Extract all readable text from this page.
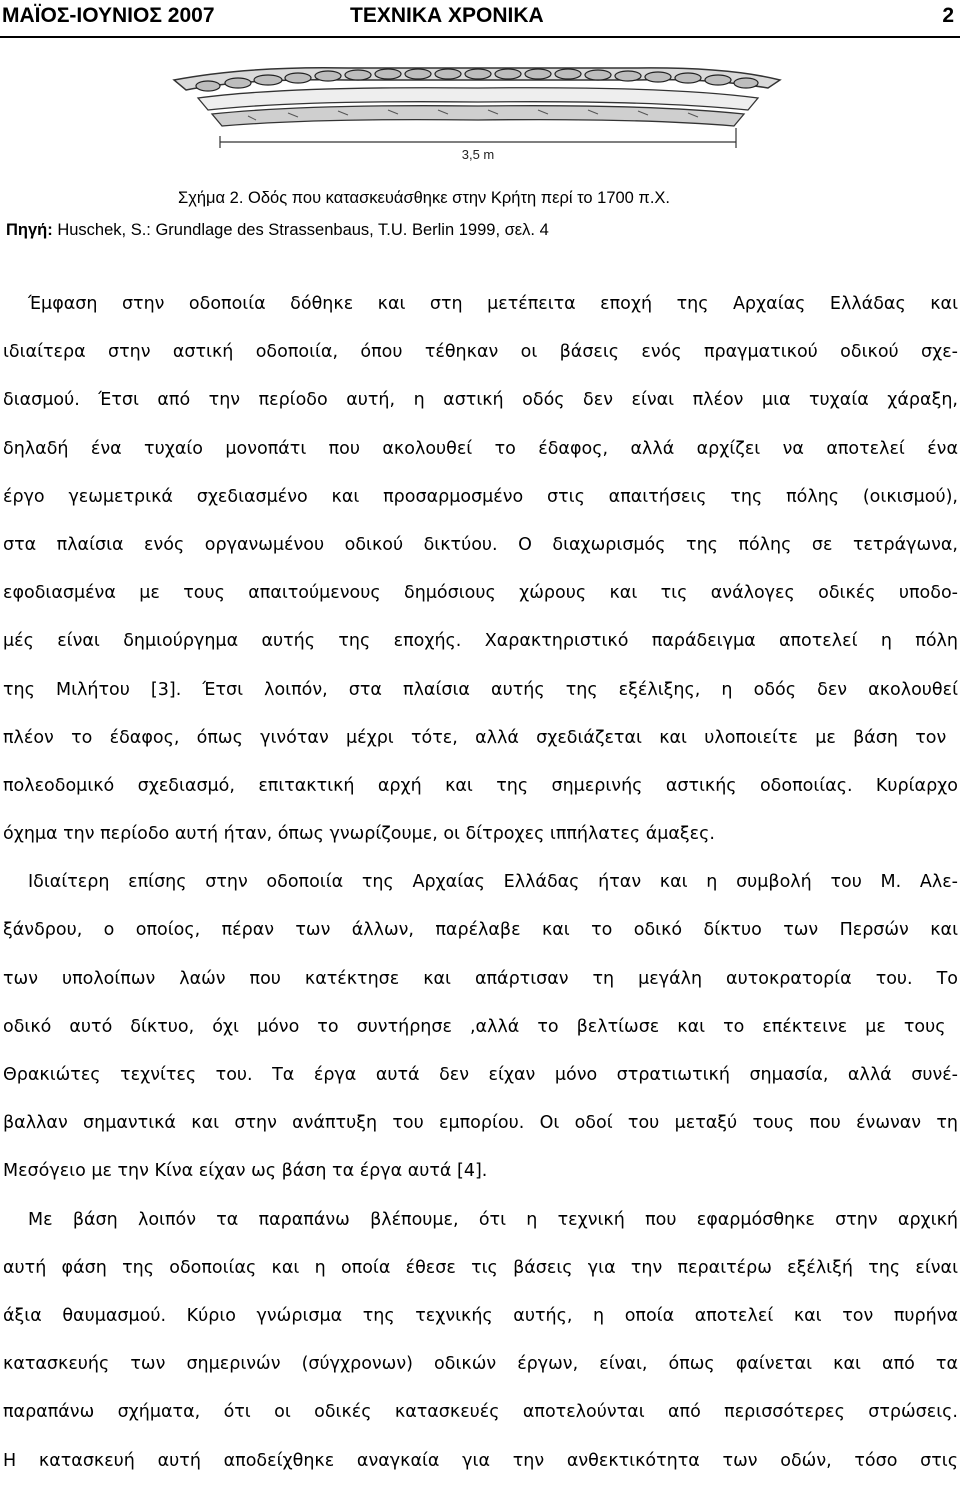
ΜΑΪΟΣ-ΙΟΥΝΙΟΣ 2007	ΤΕΧΝΙΚΑ ΧΡΟΝΙΚΑ	2
3,5 m
Σχήμα 2. Οδός που κατασκευάσθηκε στην Κρήτη περί το 1700 π.Χ.
Πηγή: Huschek, S.: Grundlage des Strassenbaus, T.U. Berlin 1999, σελ. 4
Έμφαση στην οδοποιία δόθηκε και στη μετέπειτα εποχή της Αρχαίας Ελλάδας και
ιδιαίτερα στην αστική οδοποιία, όπου τέθηκαν οι βάσεις ενός πραγματικού οδικού σχε-
διασμού. Έτσι από την περίοδο αυτή, η αστική οδός δεν είναι πλέον μια τυχαία χάραξη,
δηλαδή ένα τυχαίο μονοπάτι που ακολουθεί το έδαφος, αλλά αρχίζει να αποτελεί ένα
έργο γεωμετρικά σχεδιασμένο και προσαρμοσμένο στις απαιτήσεις της πόλης (οικισμού),
στα πλαίσια ενός οργανωμένου οδικού δικτύου. Ο διαχωρισμός της πόλης σε τετράγωνα,
εφοδιασμένα με τους απαιτούμενους δημόσιους χώρους και τις ανάλογες οδικές υποδο-
μές είναι δημιούργημα αυτής της εποχής. Χαρακτηριστικό παράδειγμα αποτελεί η πόλη
της Μιλήτου [3]. Έτσι λοιπόν, στα πλαίσια αυτής της εξέλιξης, η οδός δεν ακολουθεί
πλέον το έδαφος, όπως γινόταν μέχρι τότε, αλλά σχεδιάζεται και υλοποιείτε με βάση τον
πολεοδομικό σχεδιασμό, επιτακτική αρχή και της σημερινής αστικής οδοποιίας. Κυρίαρχο
όχημα την περίοδο αυτή ήταν, όπως γνωρίζουμε, οι δίτροχες ιππήλατες άμαξες.
Ιδιαίτερη επίσης στην οδοποιία της Αρχαίας Ελλάδας ήταν και η συμβολή του Μ. Αλε-
ξάνδρου, ο οποίος, πέραν των άλλων, παρέλαβε και το οδικό δίκτυο των Περσών και
των υπολοίπων λαών που κατέκτησε και απάρτισαν τη μεγάλη αυτοκρατορία του. Το
οδικό αυτό δίκτυο, όχι μόνο το συντήρησε ,αλλά το βελτίωσε και το επέκτεινε με τους
Θρακιώτες τεχνίτες του. Τα έργα αυτά δεν είχαν μόνο στρατιωτική σημασία, αλλά συνέ-
βαλλαν σημαντικά και στην ανάπτυξη του εμπορίου. Οι οδοί του μεταξύ τους που ένωναν τη
Μεσόγειο με την Κίνα είχαν ως βάση τα έργα αυτά [4].
Με βάση λοιπόν τα παραπάνω βλέπουμε, ότι η τεχνική που εφαρμόσθηκε στην αρχική
αυτή φάση της οδοποιίας και η οποία έθεσε τις βάσεις για την περαιτέρω εξέλιξή της είναι
άξια θαυμασμού. Κύριο γνώρισμα της τεχνικής αυτής, η οποία αποτελεί και τον πυρήνα
κατασκευής των σημερινών (σύγχρονων) οδικών έργων, είναι, όπως φαίνεται και από τα
παραπάνω σχήματα, ότι οι οδικές κατασκευές αποτελούνται από περισσότερες στρώσεις.
Η κατασκευή αυτή αποδείχθηκε αναγκαία για την ανθεκτικότητα των οδών, τόσο στις
